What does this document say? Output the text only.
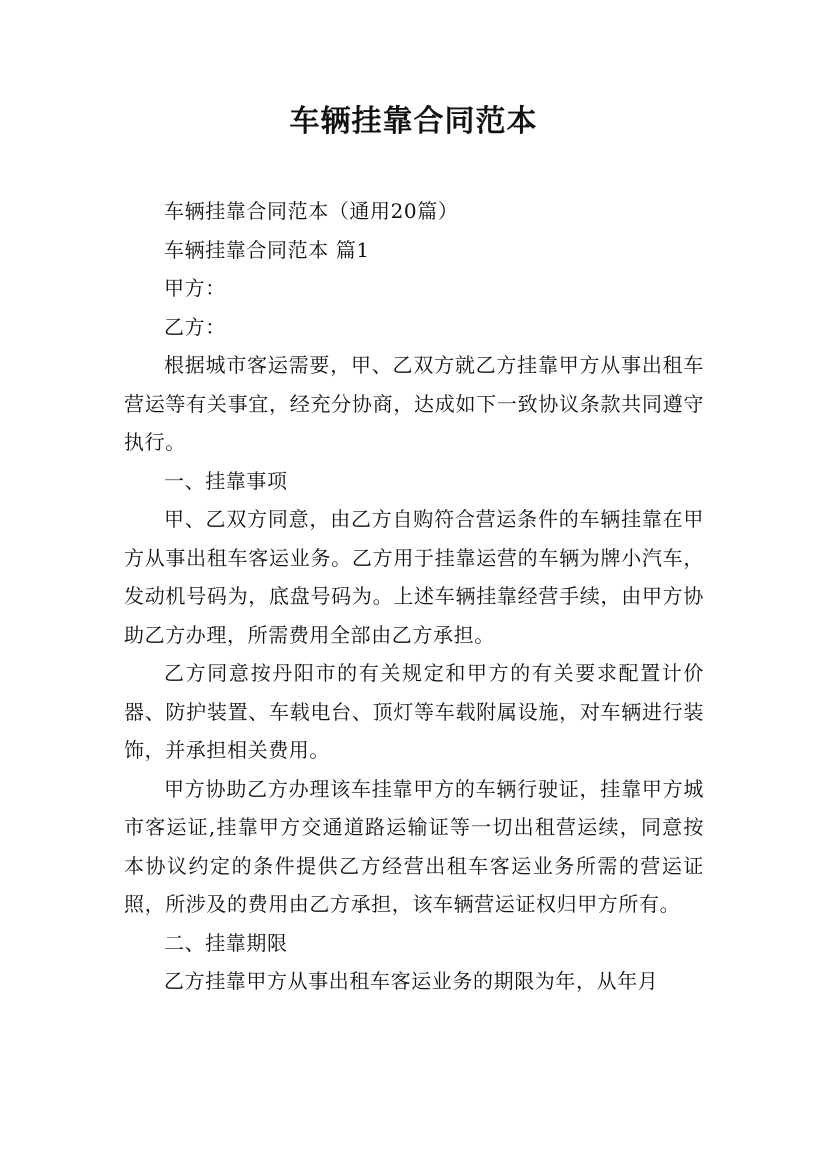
车辆挂靠合同范本

车辆挂靠合同范本（通用20篇）

车辆挂靠合同范本 篇1

甲方：

乙方：

根据城市客运需要，甲、乙双方就乙方挂靠甲方从事出租车营运等有关事宜，经充分协商，达成如下一致协议条款共同遵守执行。

一、挂靠事项

甲、乙双方同意，由乙方自购符合营运条件的车辆挂靠在甲方从事出租车客运业务。乙方用于挂靠运营的车辆为牌小汽车，发动机号码为，底盘号码为。上述车辆挂靠经营手续，由甲方协助乙方办理，所需费用全部由乙方承担。

乙方同意按丹阳市的有关规定和甲方的有关要求配置计价器、防护装置、车载电台、顶灯等车载附属设施，对车辆进行装饰，并承担相关费用。

甲方协助乙方办理该车挂靠甲方的车辆行驶证，挂靠甲方城市客运证,挂靠甲方交通道路运输证等一切出租营运续，同意按本协议约定的条件提供乙方经营出租车客运业务所需的营运证照，所涉及的费用由乙方承担，该车辆营运证权归甲方所有。

二、挂靠期限

乙方挂靠甲方从事出租车客运业务的期限为年，从年月
